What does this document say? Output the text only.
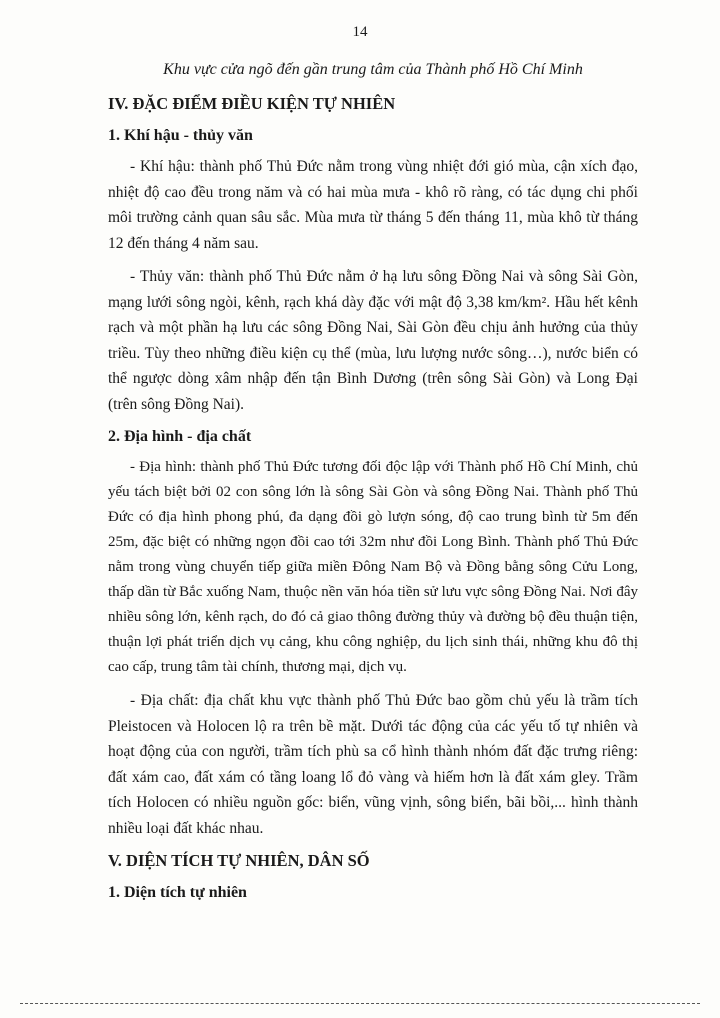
14
Khu vực cửa ngõ đến gần trung tâm của Thành phố Hồ Chí Minh
IV. ĐẶC ĐIỂM ĐIỀU KIỆN TỰ NHIÊN
1. Khí hậu - thủy văn

- Khí hậu: thành phố Thủ Đức nằm trong vùng nhiệt đới gió mùa, cận xích đạo, nhiệt độ cao đều trong năm và có hai mùa mưa - khô rõ ràng, có tác dụng chi phối môi trường cảnh quan sâu sắc. Mùa mưa từ tháng 5 đến tháng 11, mùa khô từ tháng 12 đến tháng 4 năm sau.

- Thủy văn: thành phố Thủ Đức nằm ở hạ lưu sông Đồng Nai và sông Sài Gòn, mạng lưới sông ngòi, kênh, rạch khá dày đặc với mật độ 3,38 km/km². Hầu hết kênh rạch và một phần hạ lưu các sông Đồng Nai, Sài Gòn đều chịu ảnh hưởng của thủy triều. Tùy theo những điều kiện cụ thể (mùa, lưu lượng nước sông…), nước biển có thể ngược dòng xâm nhập đến tận Bình Dương (trên sông Sài Gòn) và Long Đại (trên sông Đồng Nai).

2. Địa hình - địa chất

- Địa hình: thành phố Thủ Đức tương đối độc lập với Thành phố Hồ Chí Minh, chủ yếu tách biệt bởi 02 con sông lớn là sông Sài Gòn và sông Đồng Nai. Thành phố Thủ Đức có địa hình phong phú, đa dạng đồi gò lượn sóng, độ cao trung bình từ 5m đến 25m, đặc biệt có những ngọn đồi cao tới 32m như đồi Long Bình. Thành phố Thủ Đức nằm trong vùng chuyển tiếp giữa miền Đông Nam Bộ và Đồng bằng sông Cửu Long, thấp dần từ Bắc xuống Nam, thuộc nền văn hóa tiền sử lưu vực sông Đồng Nai. Nơi đây nhiều sông lớn, kênh rạch, do đó cả giao thông đường thủy và đường bộ đều thuận tiện, thuận lợi phát triển dịch vụ cảng, khu công nghiệp, du lịch sinh thái, những khu đô thị cao cấp, trung tâm tài chính, thương mại, dịch vụ.

- Địa chất: địa chất khu vực thành phố Thủ Đức bao gồm chủ yếu là trầm tích Pleistocen và Holocen lộ ra trên bề mặt. Dưới tác động của các yếu tố tự nhiên và hoạt động của con người, trầm tích phù sa cổ hình thành nhóm đất đặc trưng riêng: đất xám cao, đất xám có tầng loang lổ đỏ vàng và hiếm hơn là đất xám gley. Trầm tích Holocen có nhiều nguồn gốc: biển, vũng vịnh, sông biển, bãi bồi,... hình thành nhiều loại đất khác nhau.

V. DIỆN TÍCH TỰ NHIÊN, DÂN SỐ
1. Diện tích tự nhiên
